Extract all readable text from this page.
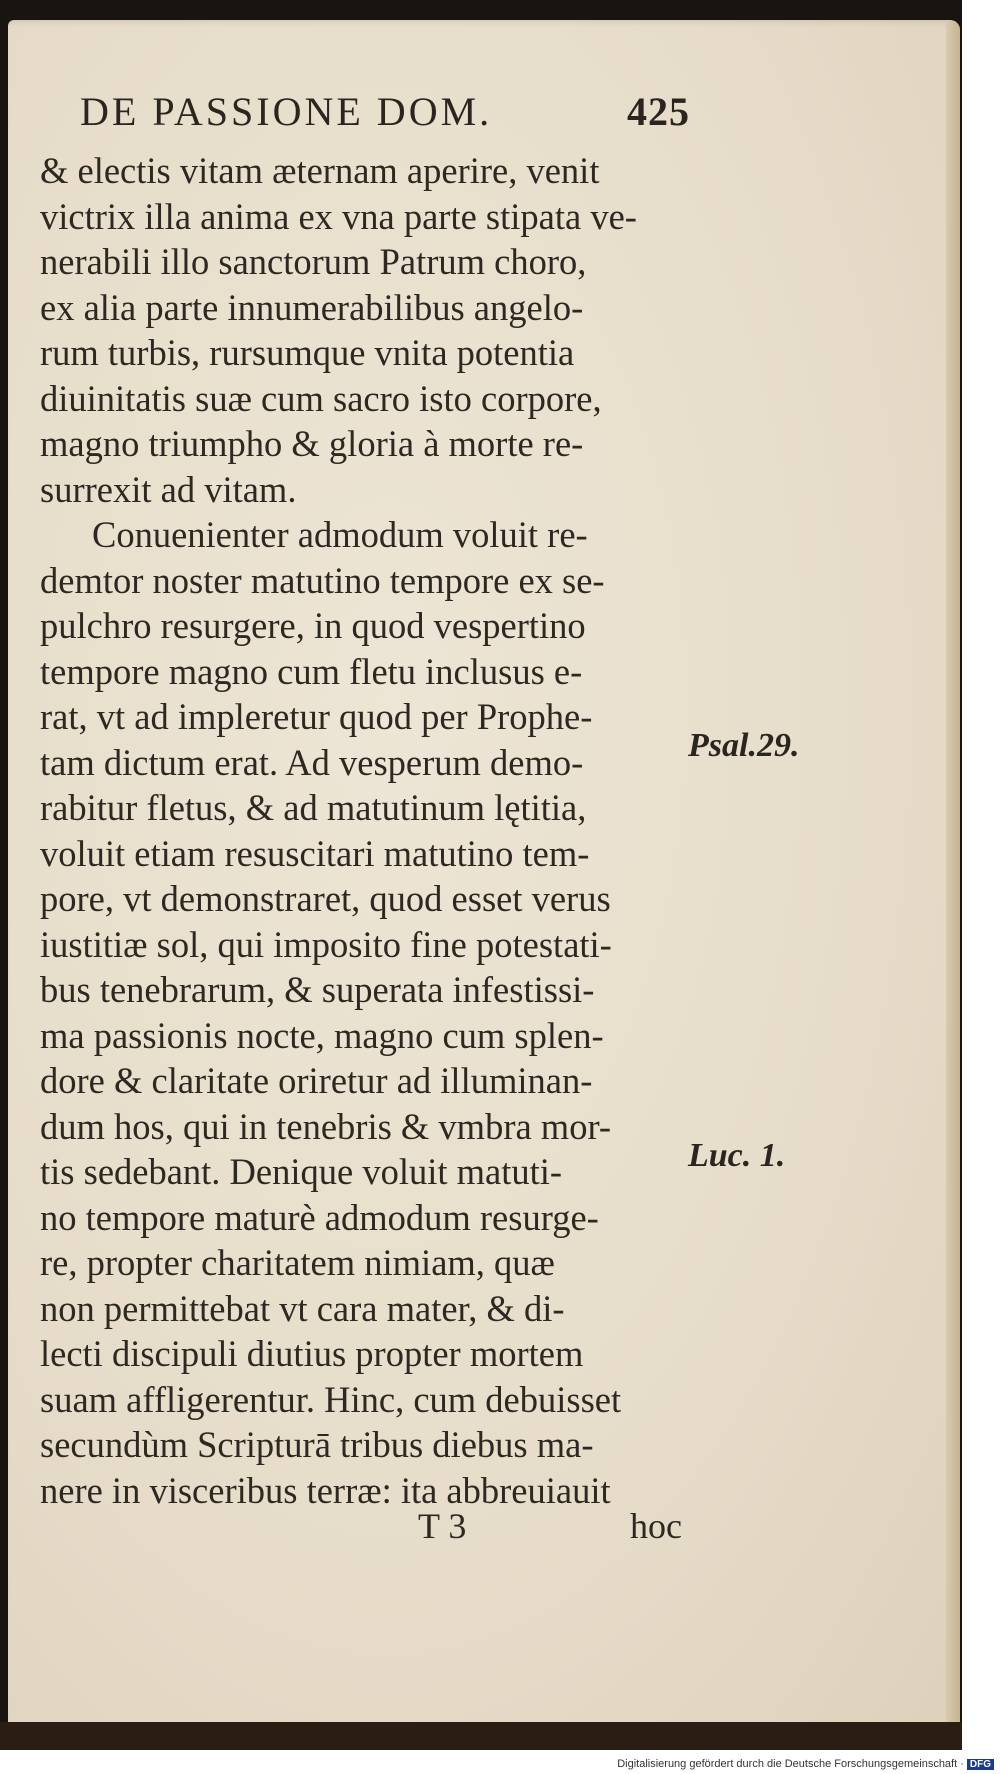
DE PASSIONE DOM.	425
& electis vitam æternam aperire, venit
victrix illa anima ex vna parte stipata ve-
nerabili illo sanctorum Patrum choro,
ex alia parte innumerabilibus angelo-
rum turbis, rursumque vnita potentia
diuinitatis suæ cum sacro isto corpore,
magno triumpho & gloria à morte re-
surrexit ad vitam.
Conuenienter admodum voluit re-
demtor noster matutino tempore ex se-
pulchro resurgere, in quod vespertino
tempore magno cum fletu inclusus e-
rat, vt ad impleretur quod per Prophe-
tam dictum erat. Ad vesperum demo-
rabitur fletus, & ad matutinum lętitia,
voluit etiam resuscitari matutino tem-
pore, vt demonstraret, quod esset verus
iustitiæ sol, qui imposito fine potestati-
bus tenebrarum, & superata infestissi-
ma passionis nocte, magno cum splen-
dore & claritate oriretur ad illuminan-
dum hos, qui in tenebris & vmbra mor-
tis sedebant. Denique voluit matuti-
no tempore maturè admodum resurge-
re, propter charitatem nimiam, quæ
non permittebat vt cara mater, & di-
lecti discipuli diutius propter mortem
suam affligerentur. Hinc, cum debuisset
secundùm Scripturā tribus diebus ma-
nere in visceribus terræ: ita abbreuiauit
Psal.29.
Luc. 1.
T 3	hoc
Digitalisierung gefördert durch die Deutsche Forschungsgemeinschaft · DFG
